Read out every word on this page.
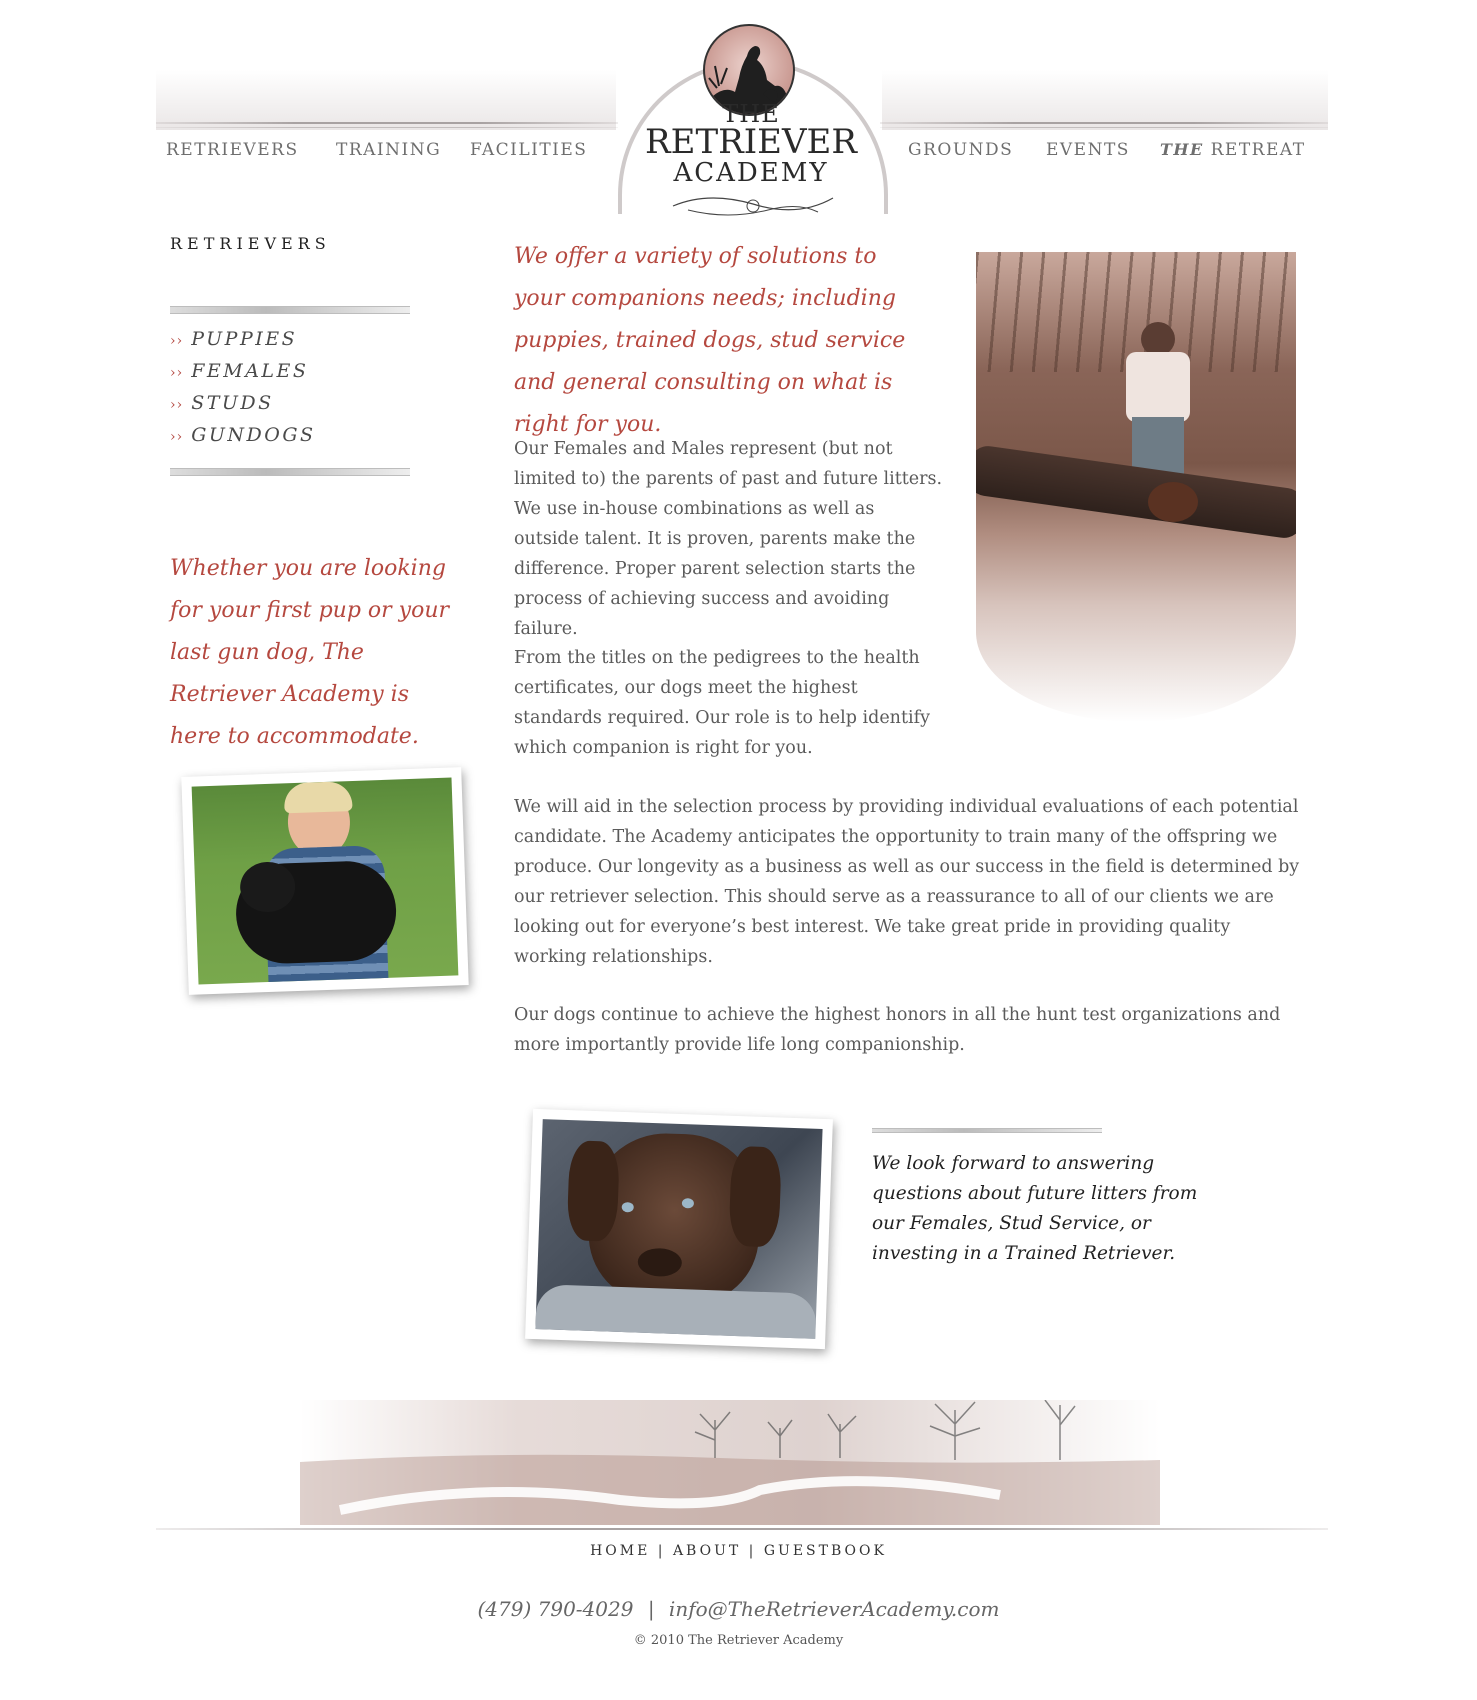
RETRIEVERS TRAINING FACILITIES	GROUNDS EVENTS THE RETREAT
THE
RETRIEVER
ACADEMY
RETRIEVERS
›› PUPPIES
›› FEMALES
›› STUDS
›› GUNDOGS
Whether you are looking for your first pup or your last gun dog, The Retriever Academy is here to accommodate.
We offer a variety of solutions to your companions needs; including puppies, trained dogs, stud service and general consulting on what is right for you.
Our Females and Males represent (but not limited to) the parents of past and future litters. We use in-house combinations as well as outside talent. It is proven, parents make the difference. Proper parent selection starts the process of achieving success and avoiding failure.
From the titles on the pedigrees to the health certificates, our dogs meet the highest standards required. Our role is to help identify which companion is right for you.
We will aid in the selection process by providing individual evaluations of each potential candidate. The Academy anticipates the opportunity to train many of the offspring we produce. Our longevity as a business as well as our success in the field is determined by our retriever selection. This should serve as a reassurance to all of our clients we are looking out for everyone’s best interest. We take great pride in providing quality working relationships.
Our dogs continue to achieve the highest honors in all the hunt test organizations and more importantly provide life long companionship.
We look forward to answering questions about future litters from our Females, Stud Service, or investing in a Trained Retriever.
HOME | ABOUT | GUESTBOOK
(479) 790-4029 | info@TheRetrieverAcademy.com
© 2010 The Retriever Academy
